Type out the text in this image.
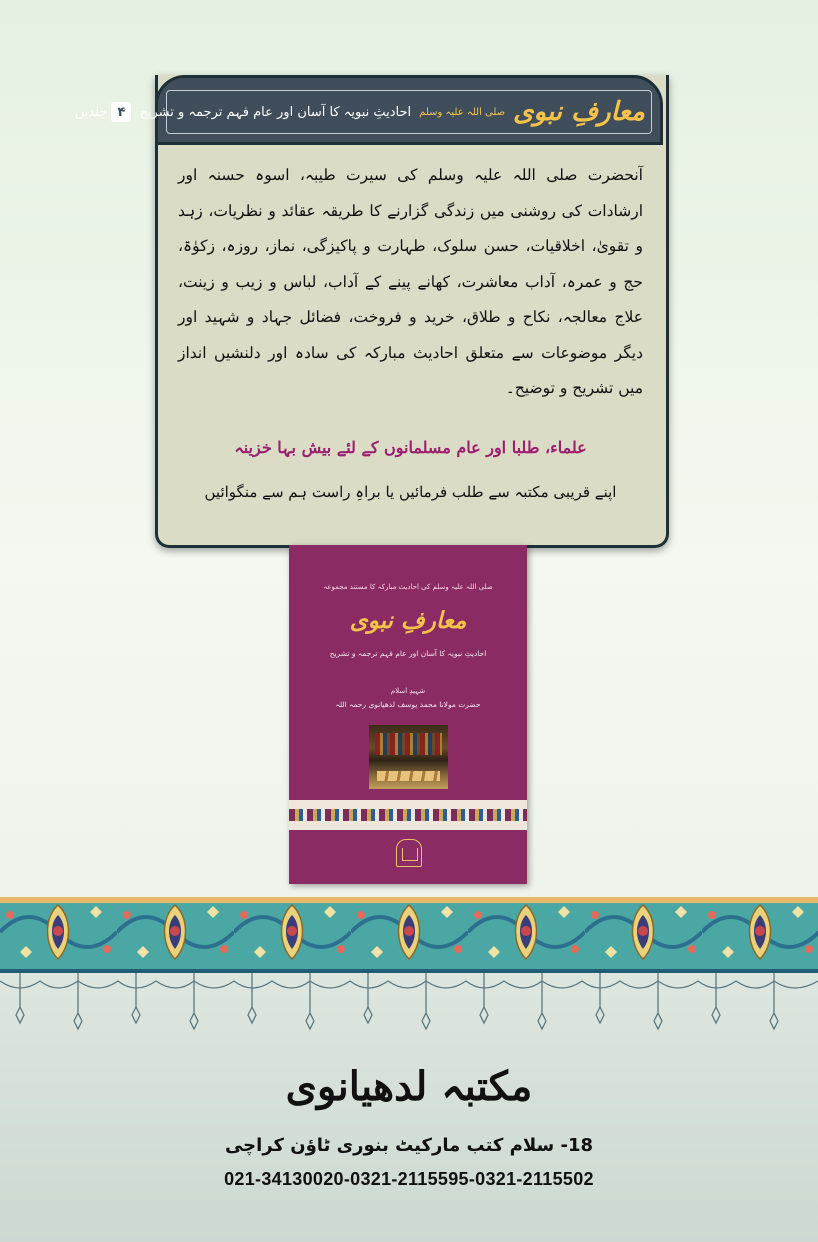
معارفِ نبوی
صلی اللہ علیہ وسلم
احادیثِ نبویہ کا آسان اور عام فہم ترجمہ و تشریح
۴
جلدیں

آنحضرت صلی اللہ علیہ وسلم کی سیرت طیبہ، اسوہ حسنہ اور ارشادات کی روشنی میں زندگی گزارنے کا طریقہ عقائد و نظریات، زہد و تقویٰ، اخلاقیات، حسن سلوک، طہارت و پاکیزگی، نماز، روزہ، زکوٰۃ، حج و عمرہ، آداب معاشرت، کھانے پینے کے آداب، لباس و زیب و زینت، علاج معالجہ، نکاح و طلاق، خرید و فروخت، فضائل جہاد و شہید اور دیگر موضوعات سے متعلق احادیث مبارکہ کی سادہ اور دلنشیں انداز میں تشریح و توضیح۔

علماء، طلبا اور عام مسلمانوں کے لئے بیش بہا خزینہ
اپنے قریبی مکتبہ سے طلب فرمائیں یا براہِ راست ہم سے منگوائیں
صلی اللہ علیہ وسلم کی احادیث مبارکہ کا مستند مجموعہ
معارفِ نبوی
احادیثِ نبویہ کا آسان اور عام فہم ترجمہ و تشریح
شہیدِ اسلام
حضرت مولانا محمد یوسف لدھیانوی رحمہ اللہ
مکتبہ لدھیانوی
18- سلام کتب مارکیٹ بنوری ٹاؤن کراچی
021-34130020-0321-2115595-0321-2115502
